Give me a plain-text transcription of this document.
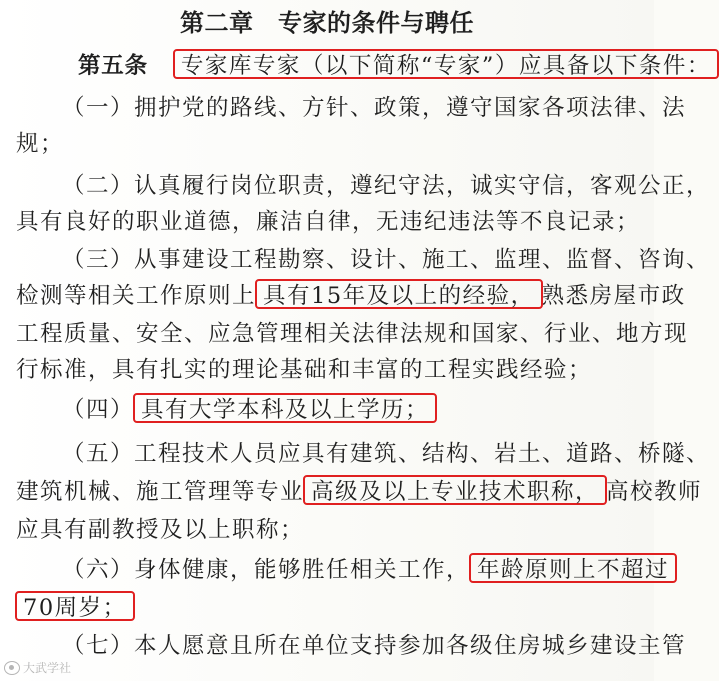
第二章　专家的条件与聘任
第五条 专家库专家（以下简称“专家”）应具备以下条件：
（一）拥护党的路线、方针、政策，遵守国家各项法律、法
规；
（二）认真履行岗位职责，遵纪守法，诚实守信，客观公正，
具有良好的职业道德，廉洁自律，无违纪违法等不良记录；
（三）从事建设工程勘察、设计、施工、监理、监督、咨询、
检测等相关工作原则上 具有15年及以上的经验， 熟悉房屋市政
工程质量、安全、应急管理相关法律法规和国家、行业、地方现
行标准，具有扎实的理论基础和丰富的工程实践经验；
（四） 具有大学本科及以上学历；
（五）工程技术人员应具有建筑、结构、岩土、道路、桥隧、
建筑机械、施工管理等专业 高级及以上专业技术职称， 高校教师
应具有副教授及以上职称；
（六）身体健康，能够胜任相关工作， 年龄原则上不超过
70周岁；
（七）本人愿意且所在单位支持参加各级住房城乡建设主管
大武学社
